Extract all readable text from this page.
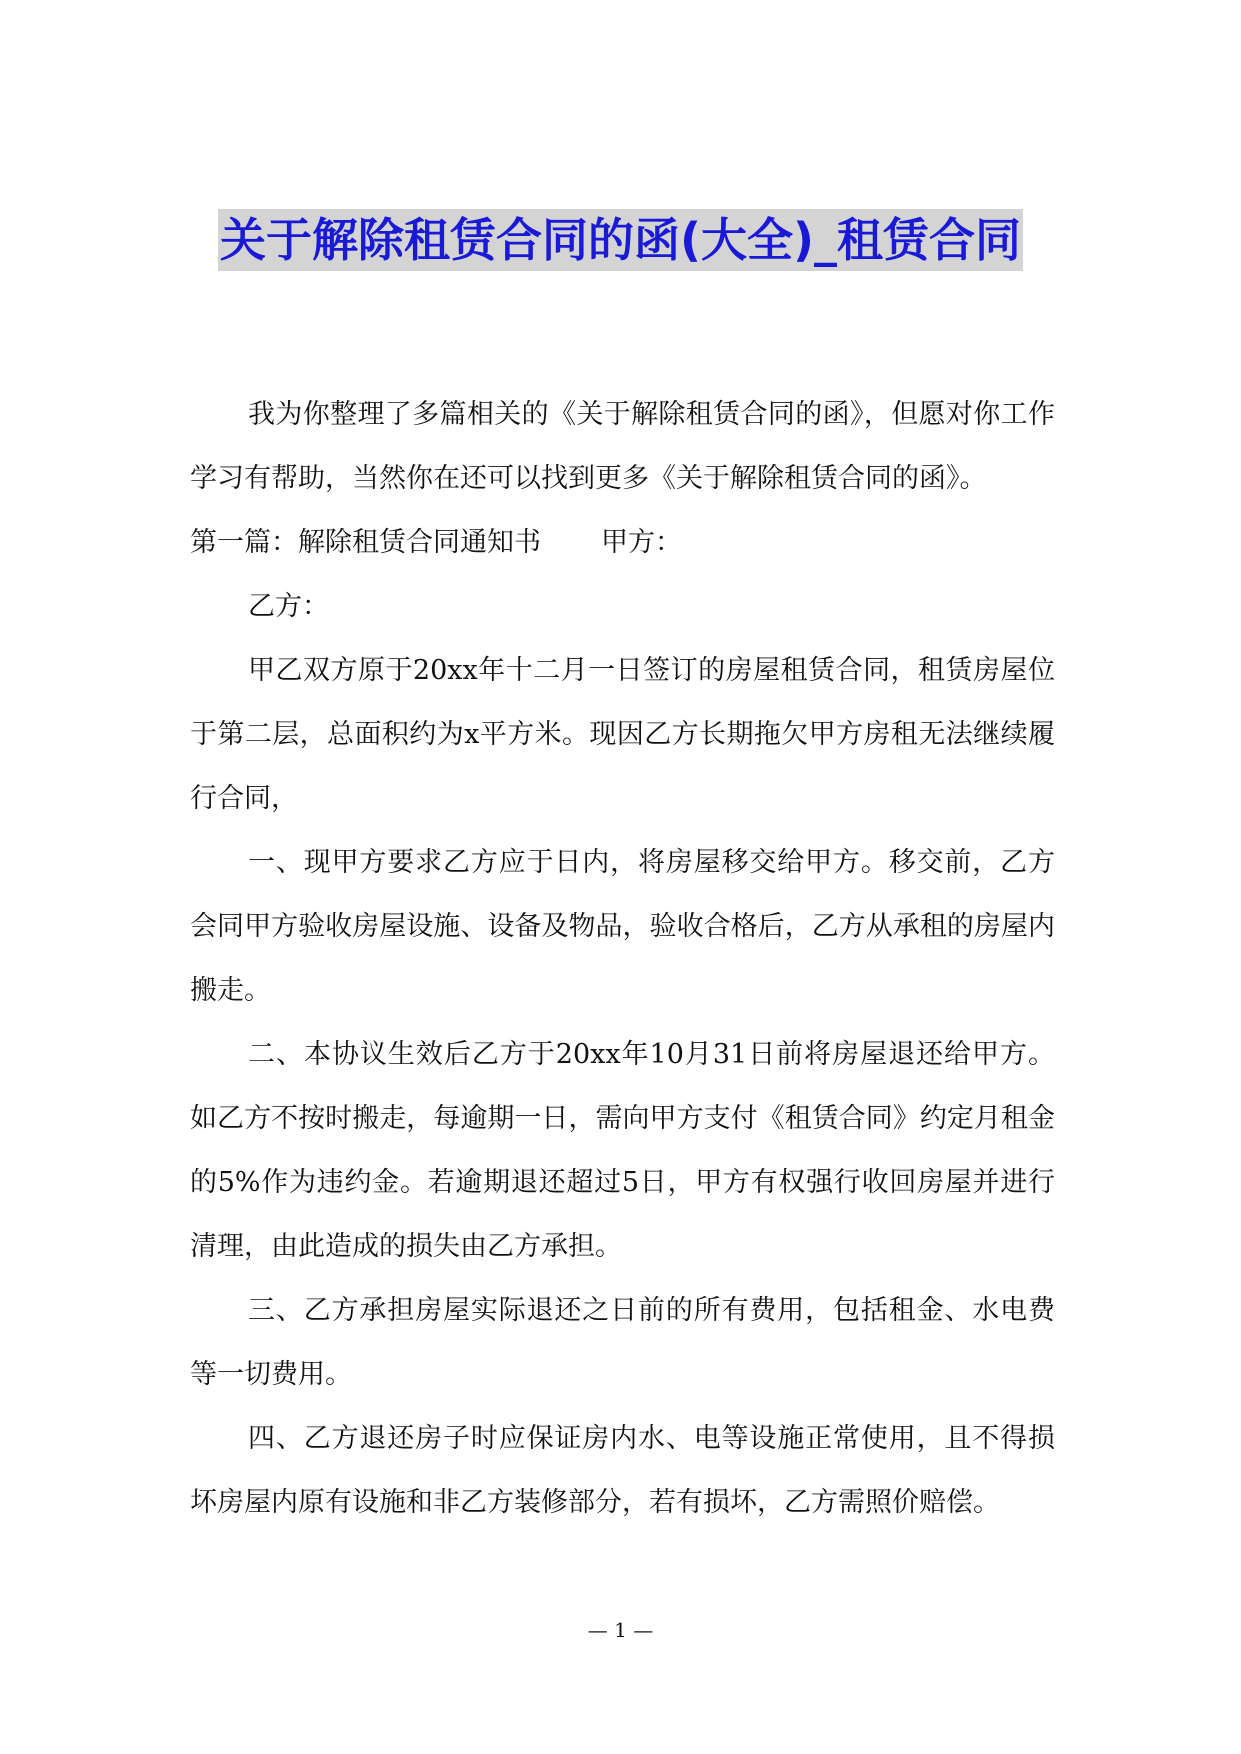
关于解除租赁合同的函(大全)_租赁合同

我为你整理了多篇相关的《关于解除租赁合同的函》，但愿对你工作学习有帮助，当然你在还可以找到更多《关于解除租赁合同的函》。

第一篇：解除租赁合同通知书 甲方：

乙方：

甲乙双方原于20xx年十二月一日签订的房屋租赁合同，租赁房屋位于第二层，总面积约为x平方米。现因乙方长期拖欠甲方房租无法继续履行合同，

一、现甲方要求乙方应于日内，将房屋移交给甲方。移交前，乙方会同甲方验收房屋设施、设备及物品，验收合格后，乙方从承租的房屋内搬走。

二、本协议生效后乙方于20xx年10月31日前将房屋退还给甲方。如乙方不按时搬走，每逾期一日，需向甲方支付《租赁合同》约定月租金的5%作为违约金。若逾期退还超过5日，甲方有权强行收回房屋并进行清理，由此造成的损失由乙方承担。

三、乙方承担房屋实际退还之日前的所有费用，包括租金、水电费等一切费用。

四、乙方退还房子时应保证房内水、电等设施正常使用，且不得损坏房屋内原有设施和非乙方装修部分，若有损坏，乙方需照价赔偿。

— 1 —
